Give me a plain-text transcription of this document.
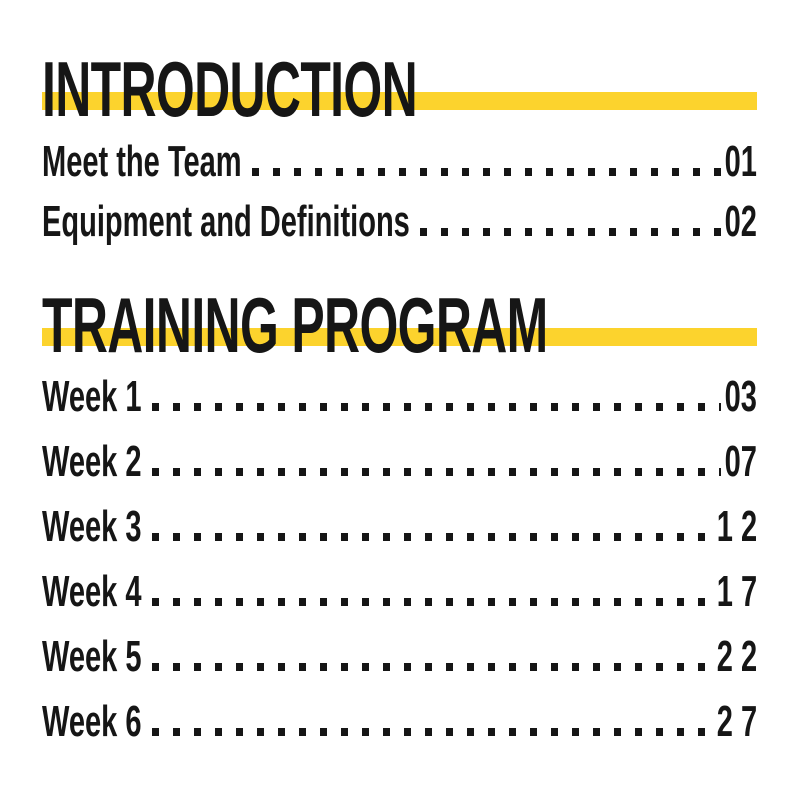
INTRODUCTION
Meet the Team	01
Equipment and Definitions	02
TRAINING PROGRAM
Week 1	03
Week 2	07
Week 3	1 2
Week 4	1 7
Week 5	2 2
Week 6	2 7
